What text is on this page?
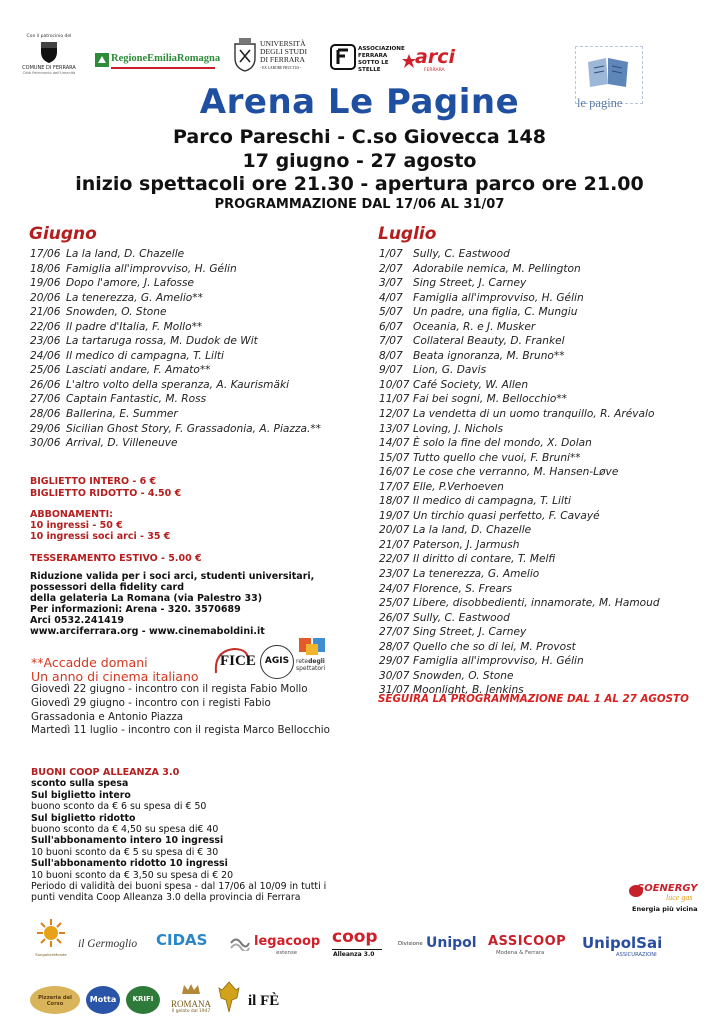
Con il patrocinio del
COMUNE DI FERRARA
Città Patrimonio dell'Umanità
RegioneEmiliaRomagna
UNIVERSITÀ
DEGLI STUDI
DI FERRARA
- EX LABORE FRUCTUS -
ASSOCIAZIONE
FERRARA
SOTTO LE STELLE
arci
FERRARA
le pagine
Arena Le Pagine
Parco Pareschi - C.so Giovecca 148
17 giugno - 27 agosto
inizio spettacoli ore 21.30 - apertura parco ore 21.00
PROGRAMMAZIONE DAL 17/06 AL 31/07
Giugno
17/06 La la land, D. Chazelle
18/06 Famiglia all'improvviso, H. Gélin
19/06 Dopo l'amore, J. Lafosse
20/06 La tenerezza, G. Amelio**
21/06 Snowden, O. Stone
22/06 Il padre d'Italia, F. Mollo**
23/06 La tartaruga rossa, M. Dudok de Wit
24/06 Il medico di campagna, T. Lilti
25/06 Lasciati andare, F. Amato**
26/06 L'altro volto della speranza, A. Kaurismäki
27/06 Captain Fantastic, M. Ross
28/06 Ballerina, E. Summer
29/06 Sicilian Ghost Story, F. Grassadonia, A. Piazza.**
30/06 Arrival, D. Villeneuve
Luglio
1/07 Sully, C. Eastwood
2/07 Adorabile nemica, M. Pellington
3/07 Sing Street, J. Carney
4/07 Famiglia all'improvviso, H. Gélin
5/07 Un padre, una figlia, C. Mungiu
6/07 Oceania, R. e J. Musker
7/07 Collateral Beauty, D. Frankel
8/07 Beata ignoranza, M. Bruno**
9/07 Lion, G. Davis
10/07 Café Society, W. Allen
11/07 Fai bei sogni, M. Bellocchio**
12/07 La vendetta di un uomo tranquillo, R. Arévalo
13/07 Loving, J. Nichols
14/07 È solo la fine del mondo, X. Dolan
15/07 Tutto quello che vuoi, F. Bruni**
16/07 Le cose che verranno, M. Hansen-Løve
17/07 Elle, P.Verhoeven
18/07 Il medico di campagna, T. Lilti
19/07 Un tirchio quasi perfetto, F. Cavayé
20/07 La la land, D. Chazelle
21/07 Paterson, J. Jarmush
22/07 Il diritto di contare, T. Melfi
23/07 La tenerezza, G. Amelio
24/07 Florence, S. Frears
25/07 Libere, disobbedienti, innamorate, M. Hamoud
26/07 Sully, C. Eastwood
27/07 Sing Street, J. Carney
28/07 Quello che so di lei, M. Provost
29/07 Famiglia all'improvviso, H. Gélin
30/07 Snowden, O. Stone
31/07 Moonlight, B. Jenkins
SEGUIRÀ LA PROGRAMMAZIONE DAL 1 AL 27 AGOSTO
BIGLIETTO INTERO - 6 €
BIGLIETTO RIDOTTO - 4.50 €
ABBONAMENTI:
10 ingressi - 50 €
10 ingressi soci arci - 35 €
TESSERAMENTO ESTIVO - 5.00 €
Riduzione valida per i soci arci, studenti universitari,
possessori della fidelity card
della gelateria La Romana (via Palestro 33)
Per informazioni: Arena - 320. 3570689
Arci 0532.241419
www.arciferrara.org - www.cinemaboldini.it
**Accadde domani
Un anno di cinema italiano
FICE	AGIS	retedegli
spettatori
Giovedì 22 giugno - incontro con il regista Fabio Mollo
Giovedì 29 giugno - incontro con i registi Fabio
Grassadonia e Antonio Piazza
Martedì 11 luglio - incontro con il regista Marco Bellocchio
BUONI COOP ALLEANZA 3.0
sconto sulla spesa
Sul biglietto intero
buono sconto da € 6 su spesa di € 50
Sul biglietto ridotto
buono sconto da € 4,50 su spesa di€ 40
Sull'abbonamento intero 10 ingressi
10 buoni sconto da € 5 su spesa di € 30
Sull'abbonamento ridotto 10 ingressi
10 buoni sconto da € 3,50 su spesa di € 20
Periodo di validità dei buoni spesa - dal 17/06 al 10/09 in tutti i
punti vendita Coop Alleanza 3.0 della provincia di Ferrara
SOENERGY
luce gas
Energia più vicina
SongolionMonde
il Germoglio	CIDAS	legacoop
estense
coop
Alleanza 3.0
Divisione Unipol ASSICOOP
Modena & Ferrara
UnipolSai
ASSICURAZIONI
Pizzeria del Corso	Motta	KRIFI	ROMANA
Il gelato dal 1947
il FÈ
